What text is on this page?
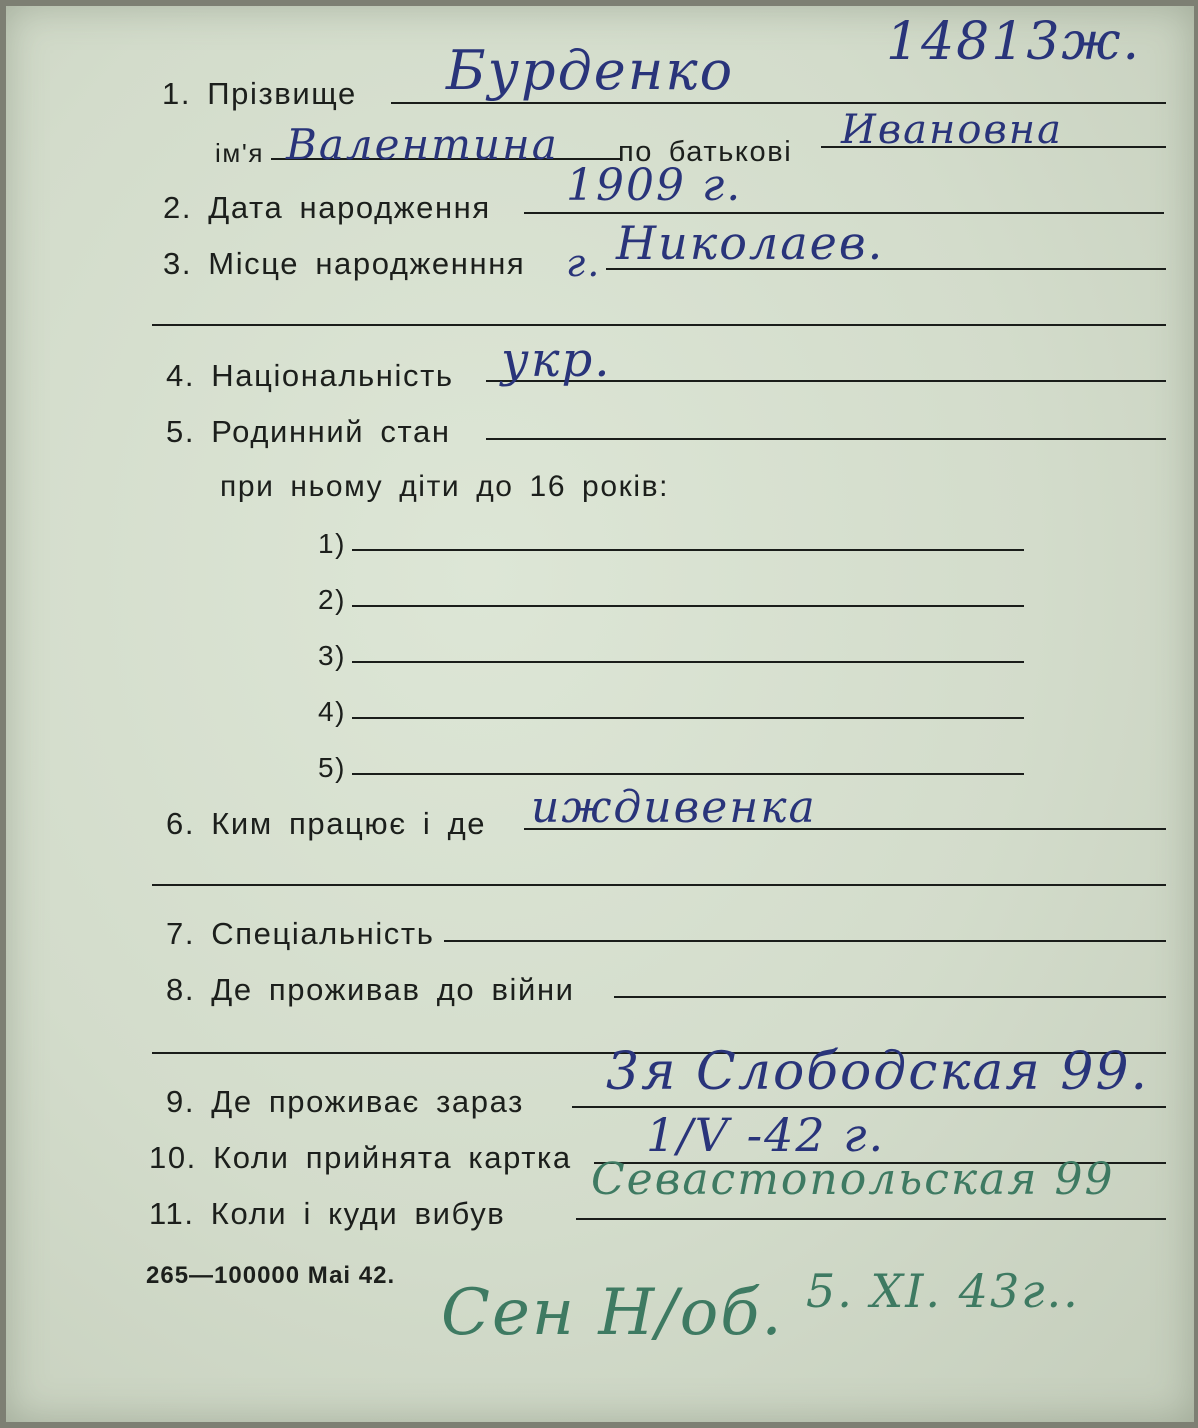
1. Прізвище Бурденко	14813ж.
ім'я Валентина по батькові Ивановна
2. Дата народження 1909 г.
3. Місце народженння г. Николаев.
4. Національність укр.
5. Родинний стан
при ньому діти до 16 років:
1)
2)
3)
4)
5)
6. Ким працює і де иждивенка
7. Спеціальність
8. Де проживав до війни
9. Де проживає зараз 3я Слободская 99.
10. Коли прийнята картка 1/V -42 г.
11. Коли і куди вибув
Севастопольская 99
265—100000 Маі 42.
Сен Н/об. 5. XI. 43г..
